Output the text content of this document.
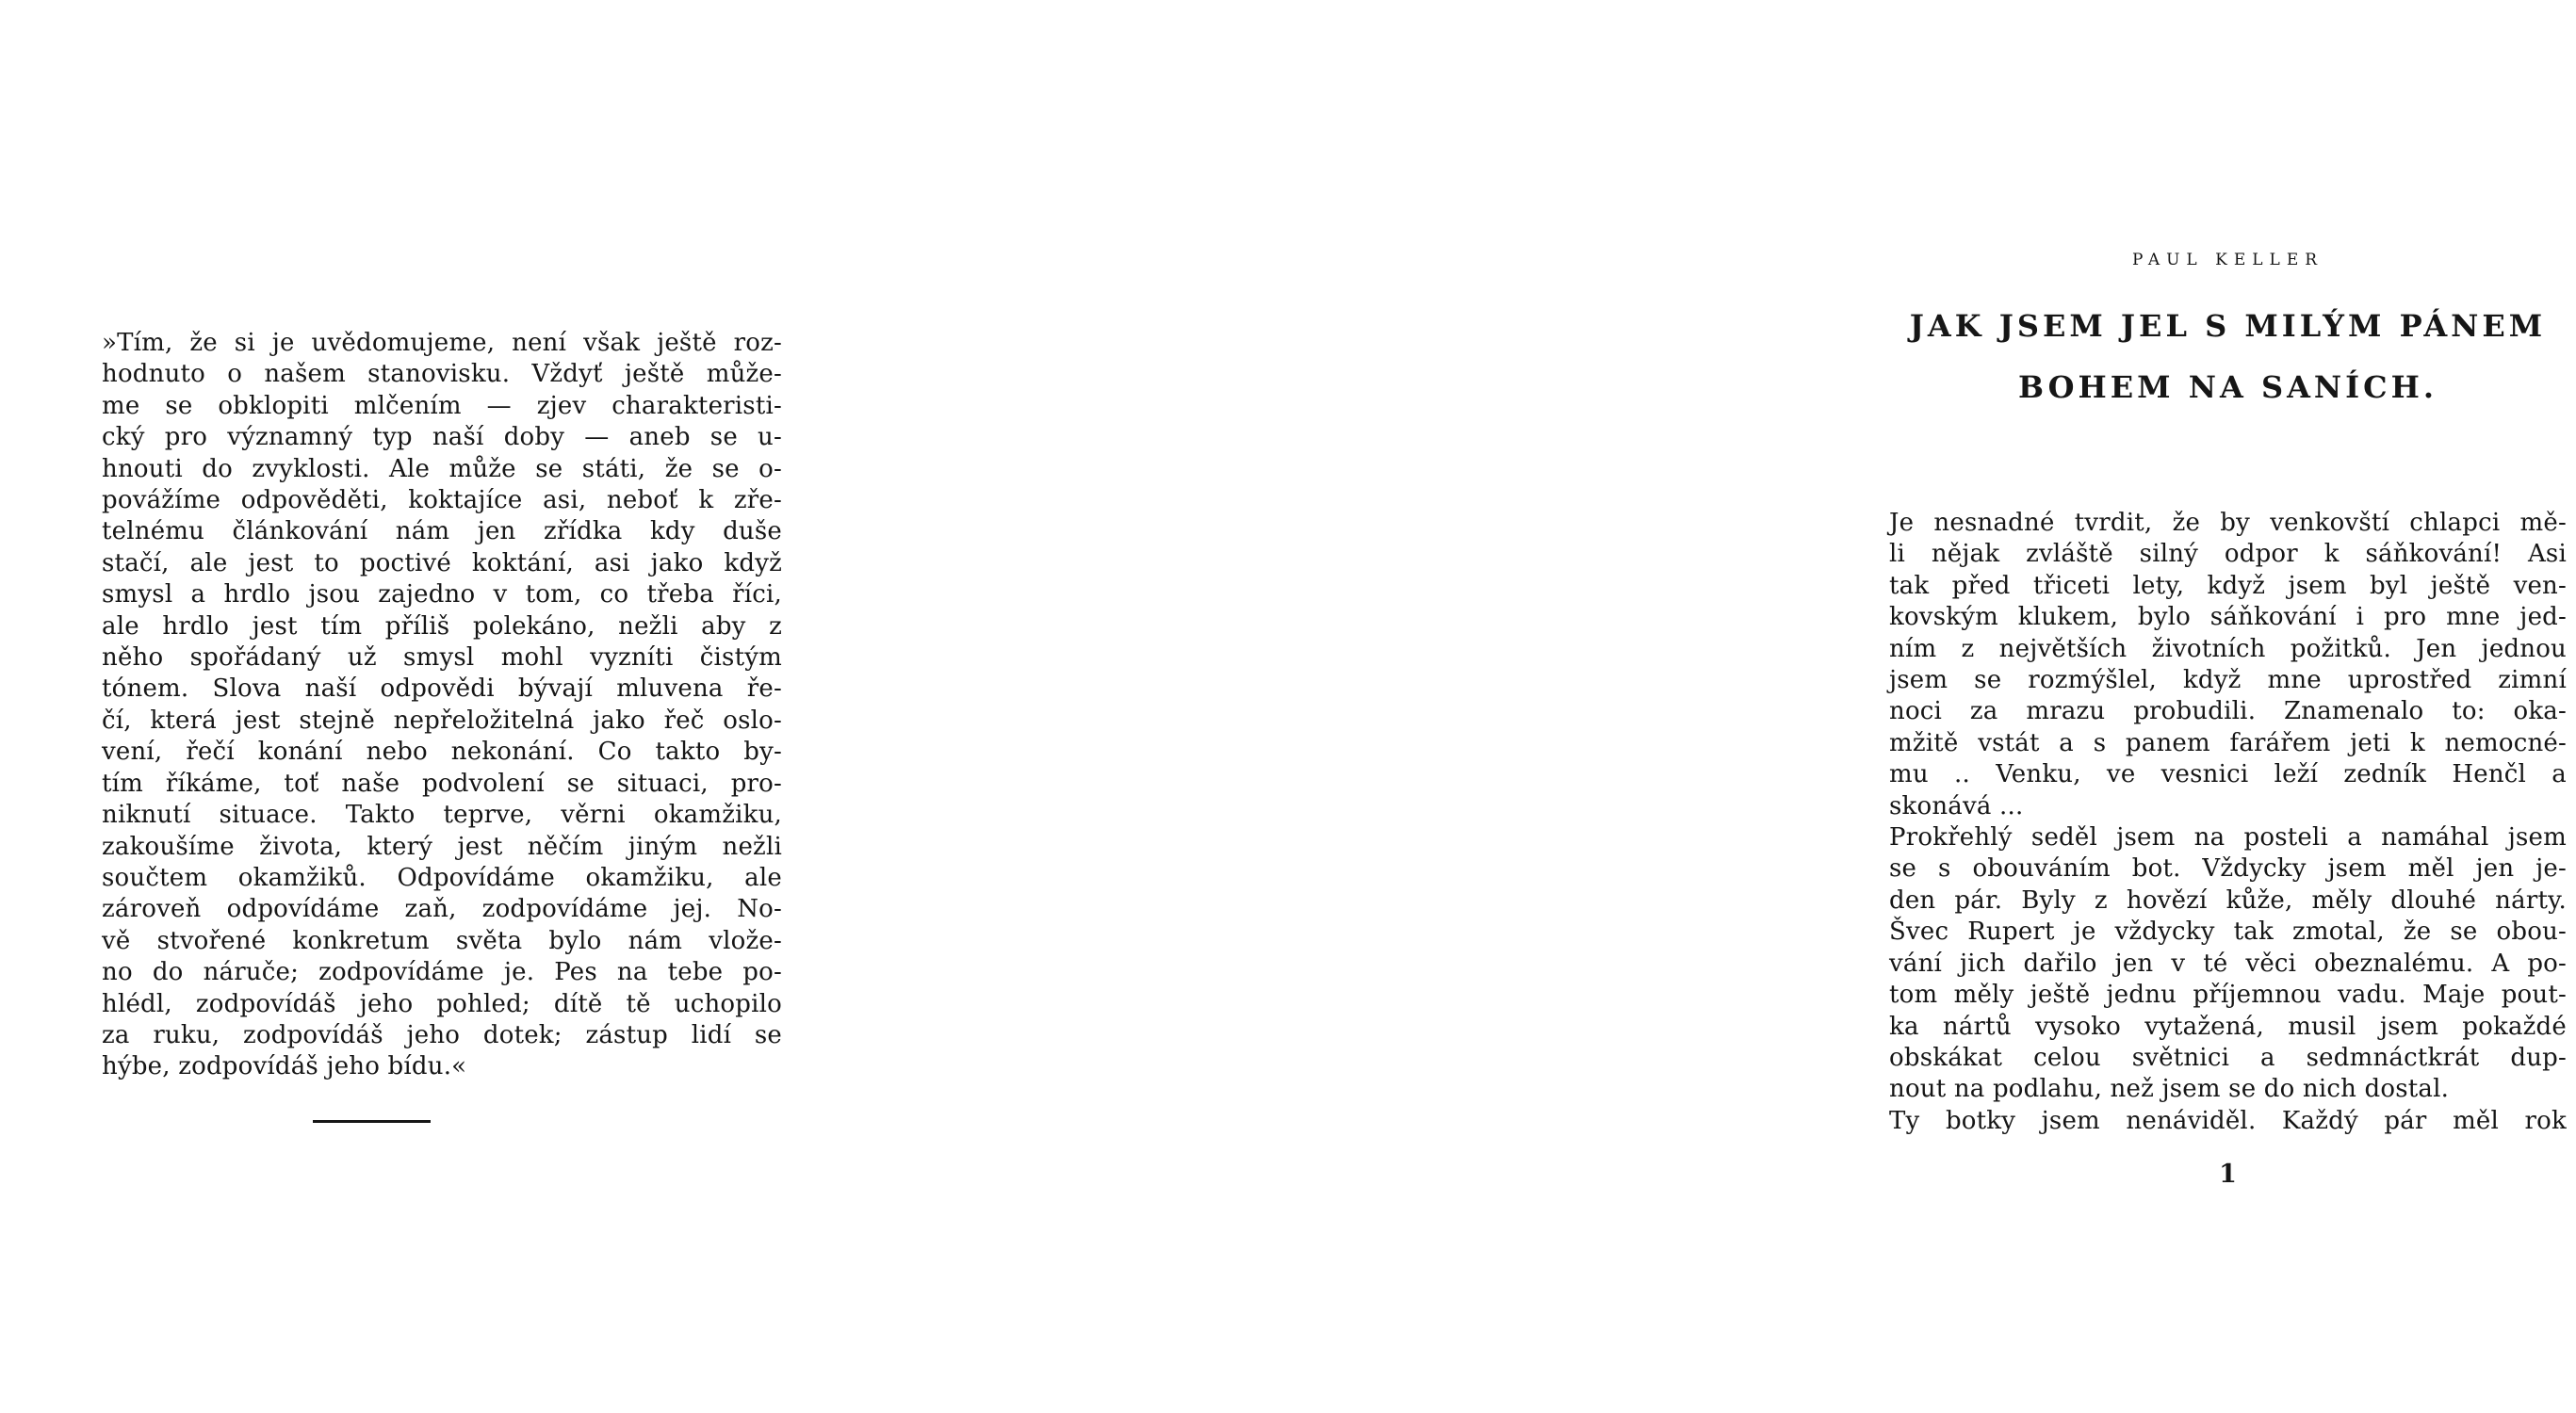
»Tím, že si je uvědomujeme, není však ještě roz-
hodnuto o našem stanovisku. Vždyť ještě může-
me se obklopiti mlčením — zjev charakteristi-
cký pro významný typ naší doby — aneb se u-
hnouti do zvyklosti. Ale může se státi, že se o-
povážíme odpověděti, koktajíce asi, neboť k zře-
telnému článkování nám jen zřídka kdy duše
stačí, ale jest to poctivé koktání, asi jako když
smysl a hrdlo jsou zajedno v tom, co třeba říci,
ale hrdlo jest tím příliš polekáno, nežli aby z
něho spořádaný už smysl mohl vyzníti čistým
tónem. Slova naší odpovědi bývají mluvena ře-
čí, která jest stejně nepřeložitelná jako řeč oslo-
vení, řečí konání nebo nekonání. Co takto by-
tím říkáme, toť naše podvolení se situaci, pro-
niknutí situace. Takto teprve, věrni okamžiku,
zakoušíme života, který jest něčím jiným nežli
součtem okamžiků. Odpovídáme okamžiku, ale
zároveň odpovídáme zaň, zodpovídáme jej. No-
vě stvořené konkretum světa bylo nám vlože-
no do náruče; zodpovídáme je. Pes na tebe po-
hlédl, zodpovídáš jeho pohled; dítě tě uchopilo
za ruku, zodpovídáš jeho dotek; zástup lidí se
hýbe, zodpovídáš jeho bídu.«
PAUL KELLER
JAK JSEM JEL S MILÝM PÁNEM
BOHEM NA SANÍCH.
Je nesnadné tvrdit, že by venkovští chlapci mě-
li nějak zvláště silný odpor k sáňkování! Asi
tak před třiceti lety, když jsem byl ještě ven-
kovským klukem, bylo sáňkování i pro mne jed-
ním z největších životních požitků. Jen jednou
jsem se rozmýšlel, když mne uprostřed zimní
noci za mrazu probudili. Znamenalo to: oka-
mžitě vstát a s panem farářem jeti k nemocné-
mu .. Venku, ve vesnici leží zedník Henčl a
skonává ...
Prokřehlý seděl jsem na posteli a namáhal jsem
se s obouváním bot. Vždycky jsem měl jen je-
den pár. Byly z hovězí kůže, měly dlouhé nárty.
Švec Rupert je vždycky tak zmotal, že se obou-
vání jich dařilo jen v té věci obeznalému. A po-
tom měly ještě jednu příjemnou vadu. Maje pout-
ka nártů vysoko vytažená, musil jsem pokaždé
obskákat celou světnici a sedmnáctkrát dup-
nout na podlahu, než jsem se do nich dostal.
Ty botky jsem nenáviděl. Každý pár měl rok
1
